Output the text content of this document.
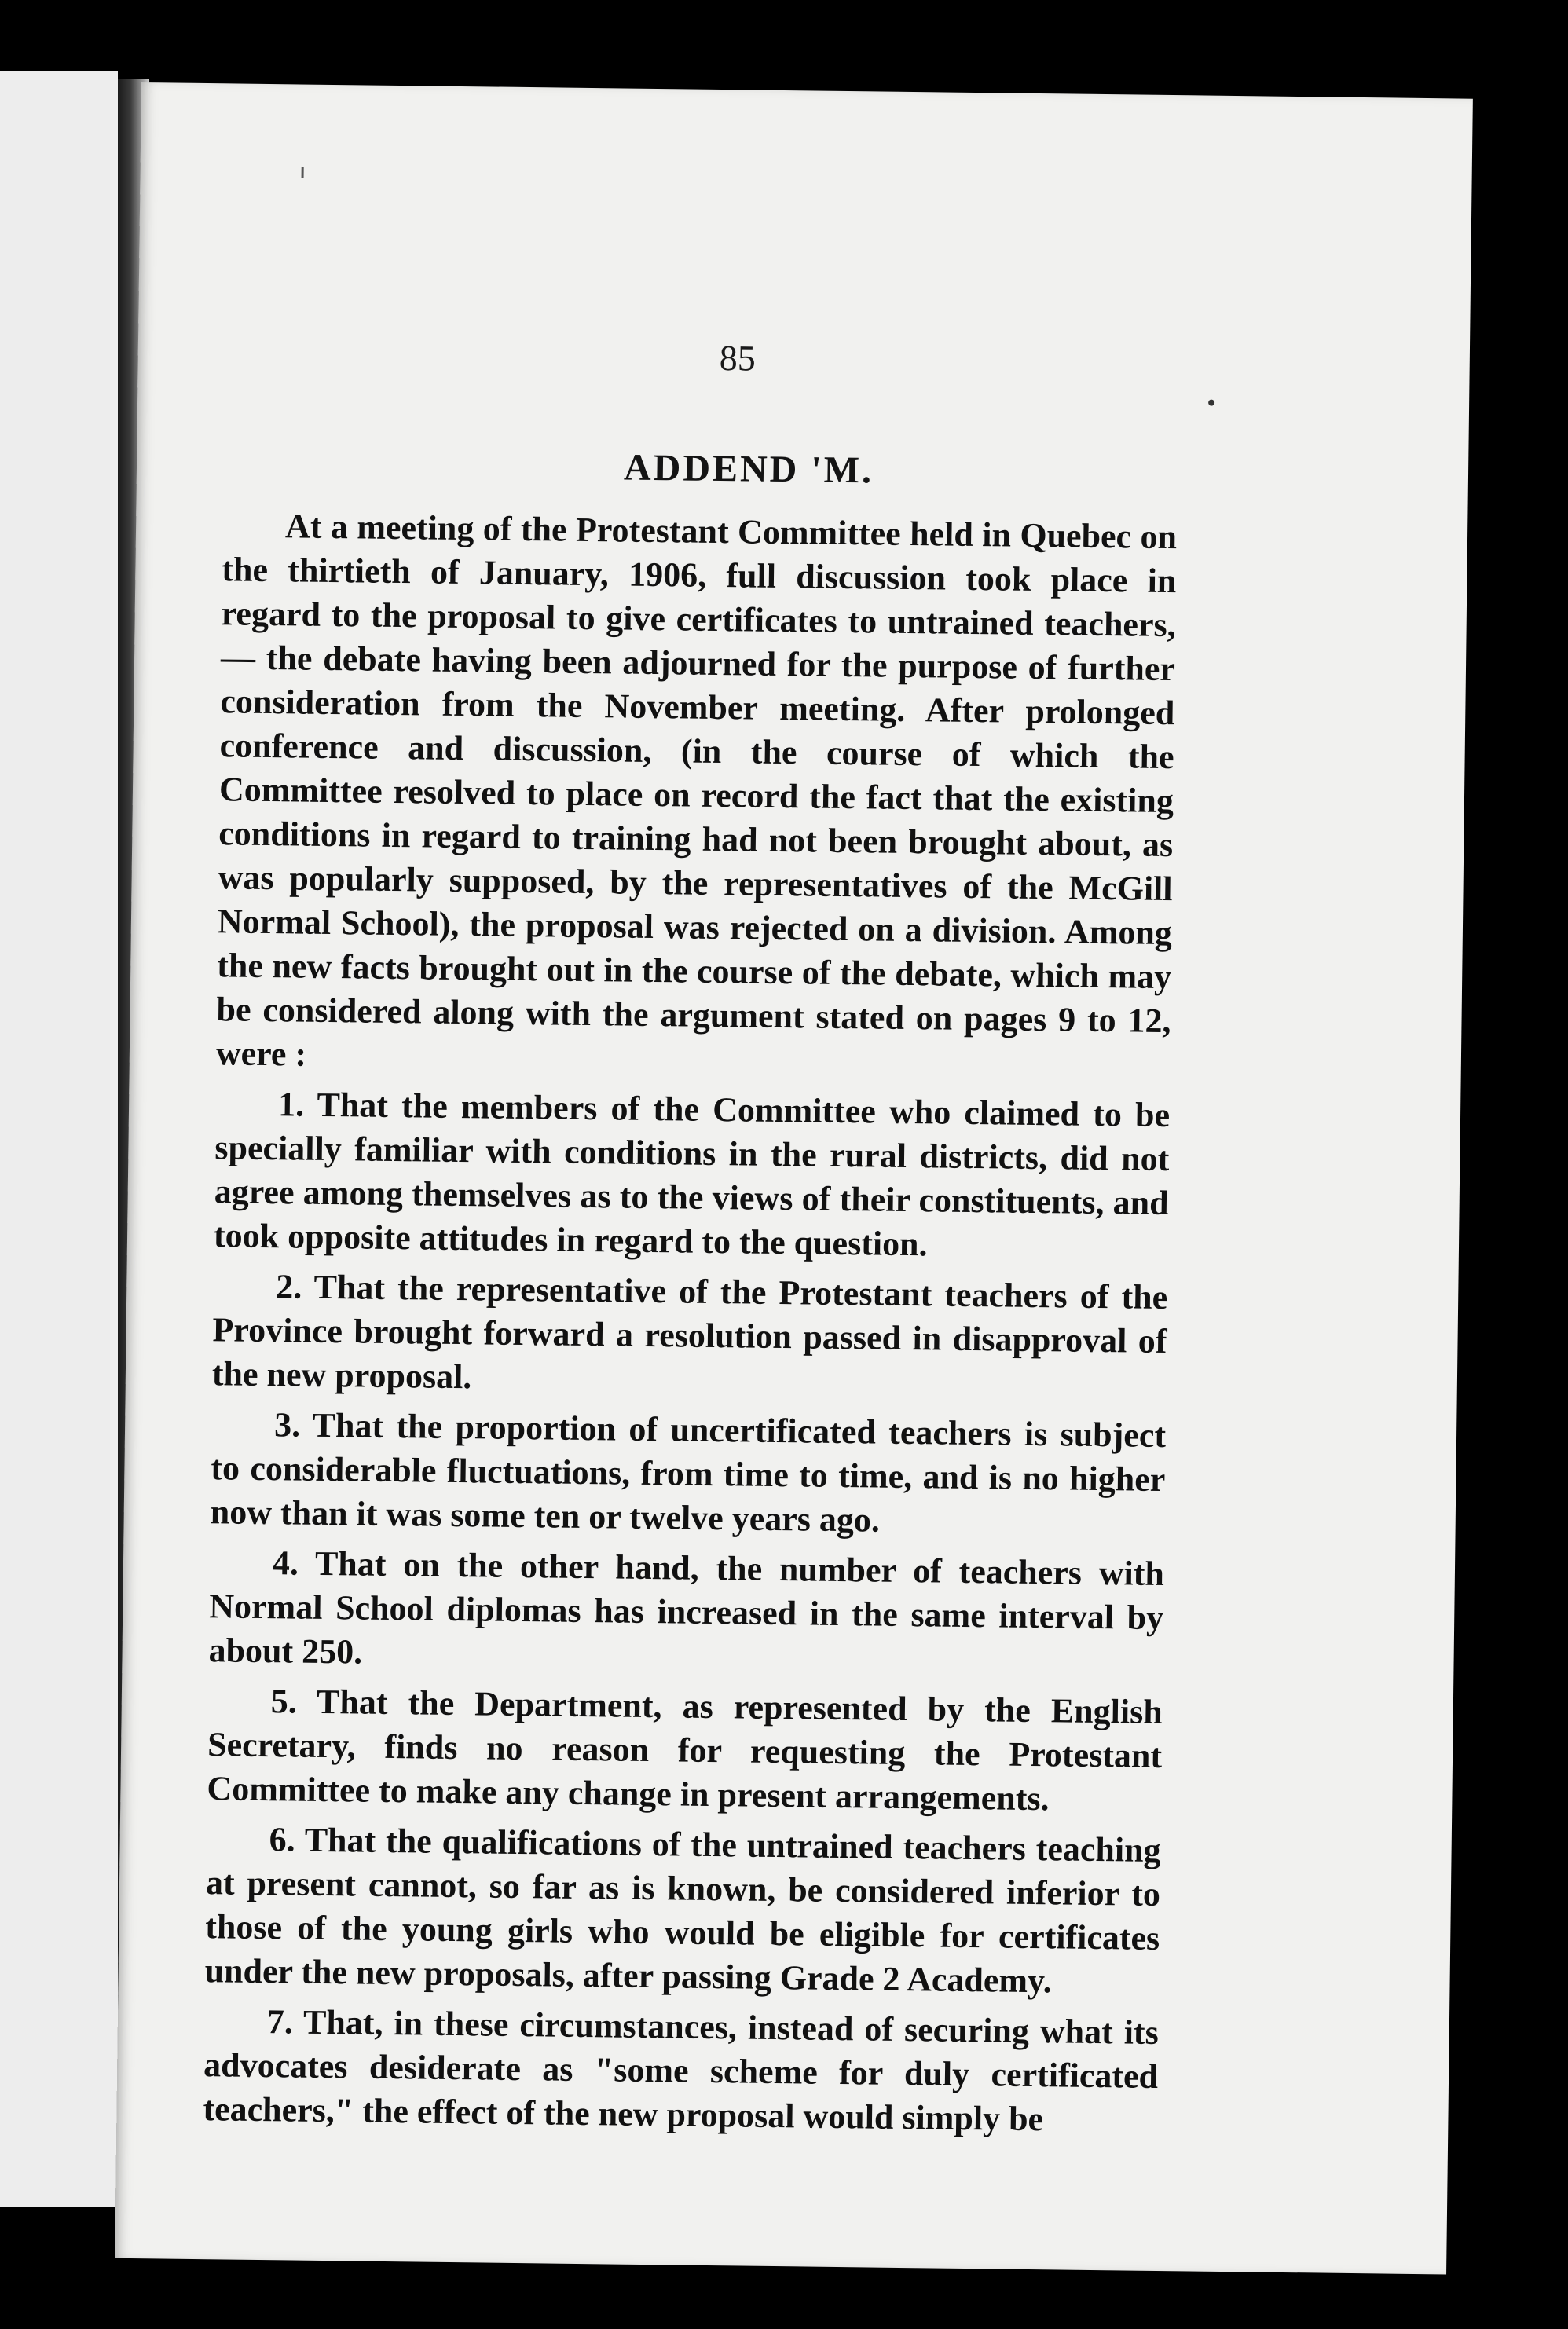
85
ADDEND 'M.

At a meeting of the Protestant Committee held in Quebec on the thirtieth of January, 1906, full discussion took place in regard to the proposal to give certificates to untrained teachers, — the debate having been adjourned for the purpose of further consideration from the November meeting. After prolonged conference and discussion, (in the course of which the Committee resolved to place on record the fact that the existing conditions in regard to training had not been brought about, as was popularly supposed, by the representatives of the McGill Normal School), the proposal was rejected on a division. Among the new facts brought out in the course of the debate, which may be considered along with the argument stated on pages 9 to 12, were :

1. That the members of the Committee who claimed to be specially familiar with conditions in the rural districts, did not agree among themselves as to the views of their constituents, and took opposite attitudes in regard to the question.

2. That the representative of the Protestant teachers of the Province brought forward a resolution passed in disapproval of the new proposal.

3. That the proportion of uncertificated teachers is subject to considerable fluctuations, from time to time, and is no higher now than it was some ten or twelve years ago.

4. That on the other hand, the number of teachers with Normal School diplomas has increased in the same interval by about 250.

5. That the Department, as represented by the English Secretary, finds no reason for requesting the Protestant Committee to make any change in present arrangements.

6. That the qualifications of the untrained teachers teaching at present cannot, so far as is known, be considered inferior to those of the young girls who would be eligible for certificates under the new proposals, after passing Grade 2 Academy.

7. That, in these circumstances, instead of securing what its advocates desiderate as "some scheme for duly certificated teachers," the effect of the new proposal would simply be
